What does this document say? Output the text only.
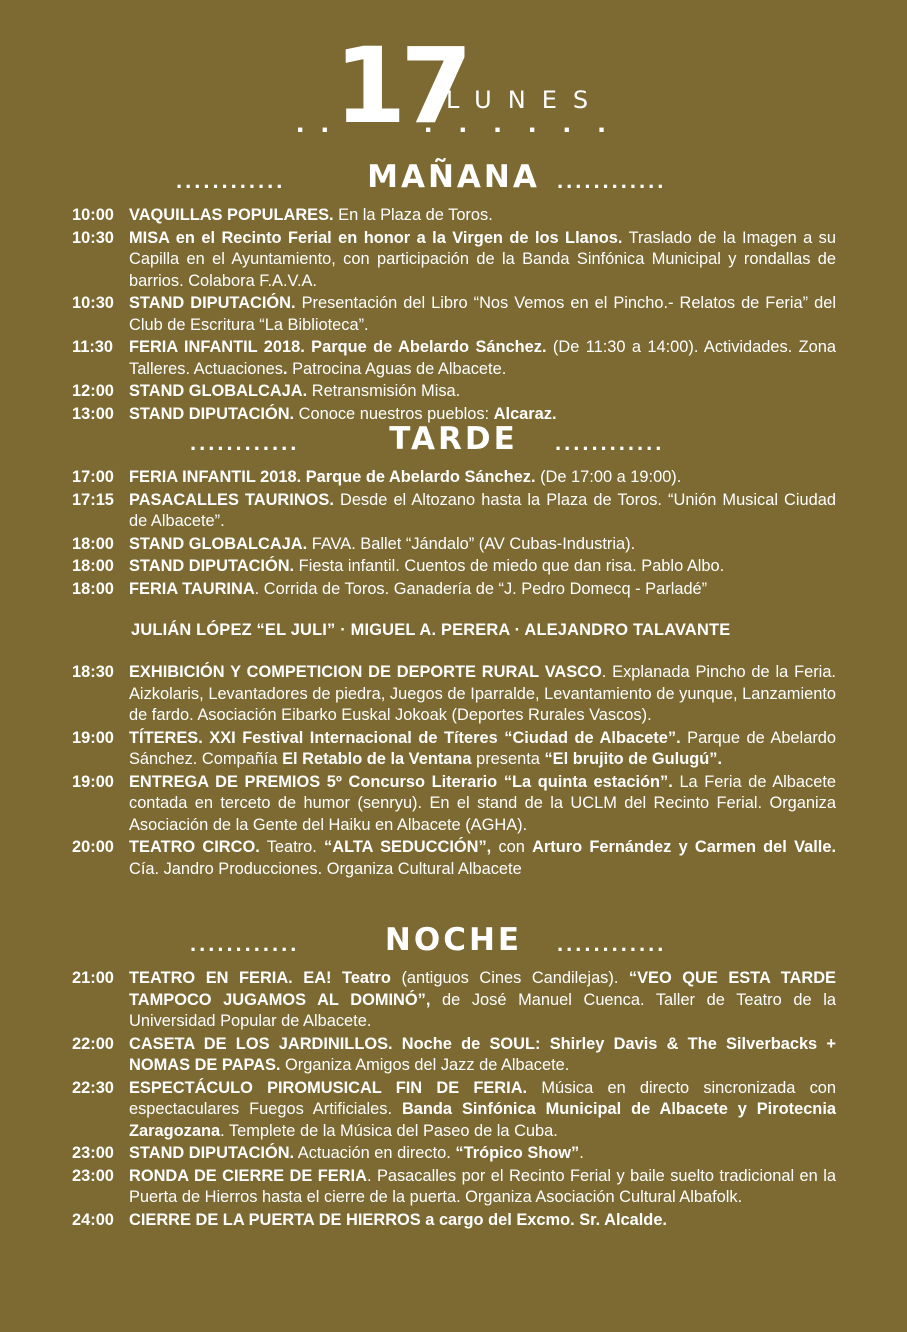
. . 17
LUNES
. . . . . .
............	MAÑANA ............
10:00 VAQUILLAS POPULARES. En la Plaza de Toros.
10:30 MISA en el Recinto Ferial en honor a la Virgen de los Llanos. Traslado de la Imagen a su Capilla en el Ayuntamiento, con participación de la Banda Sinfónica Municipal y rondallas de barrios. Colabora F.A.V.A.
10:30 STAND DIPUTACIÓN. Presentación del Libro “Nos Vemos en el Pincho.- Relatos de Feria” del Club de Escritura “La Biblioteca”.
11:30 FERIA INFANTIL 2018. Parque de Abelardo Sánchez. (De 11:30 a 14:00). Actividades. Zona Talleres. Actuaciones. Patrocina Aguas de Albacete.
12:00 STAND GLOBALCAJA. Retransmisión Misa.
13:00 STAND DIPUTACIÓN. Conoce nuestros pueblos: Alcaraz.
............	TARDE	............
17:00 FERIA INFANTIL 2018. Parque de Abelardo Sánchez. (De 17:00 a 19:00).
17:15 PASACALLES TAURINOS. Desde el Altozano hasta la Plaza de Toros. “Unión Musical Ciudad de Albacete”.
18:00 STAND GLOBALCAJA. FAVA. Ballet “Jándalo” (AV Cubas-Industria).
18:00 STAND DIPUTACIÓN. Fiesta infantil. Cuentos de miedo que dan risa. Pablo Albo.
18:00 FERIA TAURINA. Corrida de Toros. Ganadería de “J. Pedro Domecq - Parladé”
JULIÁN LÓPEZ “EL JULI” · MIGUEL A. PERERA · ALEJANDRO TALAVANTE
18:30 EXHIBICIÓN Y COMPETICION DE DEPORTE RURAL VASCO. Explanada Pincho de la Feria. Aizkolaris, Levantadores de piedra, Juegos de Iparralde, Levantamiento de yunque, Lanzamiento de fardo. Asociación Eibarko Euskal Jokoak (Deportes Rurales Vascos).
19:00 TÍTERES. XXI Festival Internacional de Títeres “Ciudad de Albacete”. Parque de Abelardo Sánchez. Compañía El Retablo de la Ventana presenta “El brujito de Gulugú”.
19:00 ENTREGA DE PREMIOS 5º Concurso Literario “La quinta estación”. La Feria de Albacete contada en terceto de humor (senryu). En el stand de la UCLM del Recinto Ferial. Organiza Asociación de la Gente del Haiku en Albacete (AGHA).
20:00 TEATRO CIRCO. Teatro. “ALTA SEDUCCIÓN”, con Arturo Fernández y Carmen del Valle. Cía. Jandro Producciones. Organiza Cultural Albacete
............	NOCHE	............
21:00 TEATRO EN FERIA. EA! Teatro (antiguos Cines Candilejas). “VEO QUE ESTA TARDE TAMPOCO JUGAMOS AL DOMINÓ”, de José Manuel Cuenca. Taller de Teatro de la Universidad Popular de Albacete.
22:00 CASETA DE LOS JARDINILLOS. Noche de SOUL: Shirley Davis & The Silverbacks + NOMAS DE PAPAS. Organiza Amigos del Jazz de Albacete.
22:30 ESPECTÁCULO PIROMUSICAL FIN DE FERIA. Música en directo sincronizada con espectaculares Fuegos Artificiales. Banda Sinfónica Municipal de Albacete y Pirotecnia Zaragozana. Templete de la Música del Paseo de la Cuba.
23:00 STAND DIPUTACIÓN. Actuación en directo. “Trópico Show”.
23:00 RONDA DE CIERRE DE FERIA. Pasacalles por el Recinto Ferial y baile suelto tradicional en la Puerta de Hierros hasta el cierre de la puerta. Organiza Asociación Cultural Albafolk.
24:00 CIERRE DE LA PUERTA DE HIERROS a cargo del Excmo. Sr. Alcalde.
